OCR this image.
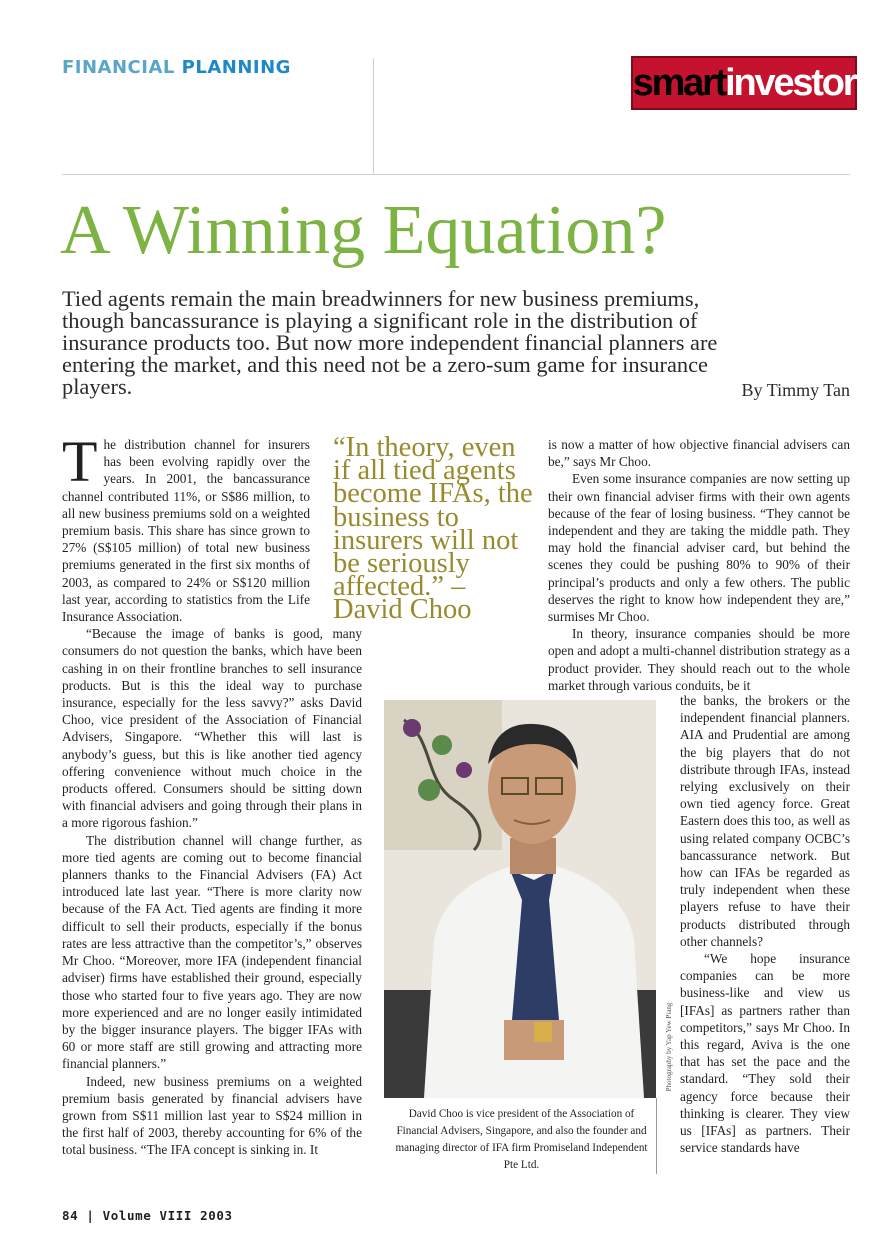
FINANCIAL PLANNING	smartinvestor
A Winning Equation?
Tied agents remain the main breadwinners for new business premiums, though bancassurance is playing a significant role in the distribution of insurance products too. But now more independent financial planners are entering the market, and this need not be a zero-sum game for insurance players.	By Timmy Tan

The distribution channel for insurers has been evolving rapidly over the years. In 2001, the bancassurance channel contributed 11%, or S$86 million, to all new business premiums sold on a weighted premium basis. This share has since grown to 27% (S$105 million) of total new business premiums generated in the first six months of 2003, as compared to 24% or S$120 million last year, according to statistics from the Life Insurance Association.

“Because the image of banks is good, many consumers do not question the banks, which have been cashing in on their frontline branches to sell insurance products. But is this the ideal way to purchase insurance, especially for the less savvy?” asks David Choo, vice president of the Association of Financial Advisers, Singapore. “Whether this will last is anybody’s guess, but this is like another tied agency offering convenience without much choice in the products offered. Consumers should be sitting down with financial advisers and going through their plans in a more rigorous fashion.”

The distribution channel will change further, as more tied agents are coming out to become financial planners thanks to the Financial Advisers (FA) Act introduced late last year. “There is more clarity now because of the FA Act. Tied agents are finding it more difficult to sell their products, especially if the bonus rates are less attractive than the competitor’s,” observes Mr Choo. “Moreover, more IFA (independent financial adviser) firms have established their ground, especially those who started four to five years ago. They are now more experienced and are no longer easily intimidated by the bigger insurance players. The bigger IFAs with 60 or more staff are still growing and attracting more financial planners.”

Indeed, new business premiums on a weighted premium basis generated by financial advisers have grown from S$11 million last year to S$24 million in the first half of 2003, thereby accounting for 6% of the total business. “The IFA concept is sinking in. It

“In theory, even if all tied agents become IFAs, the business to insurers will not be seriously affected.” – David Choo

is now a matter of how objective financial advisers can be,” says Mr Choo.

Even some insurance companies are now setting up their own financial adviser firms with their own agents because of the fear of losing business. “They cannot be independent and they are taking the middle path. They may hold the financial adviser card, but behind the scenes they could be pushing 80% to 90% of their principal’s products and only a few others. The public deserves the right to know how independent they are,” surmises Mr Choo.

In theory, insurance companies should be more open and adopt a multi-channel distribution strategy as a product provider. They should reach out to the whole market through various conduits, be it

the banks, the brokers or the independent financial planners. AIA and Prudential are among the big players that do not distribute through IFAs, instead relying exclusively on their own tied agency force. Great Eastern does this too, as well as using related company OCBC’s bancassurance network. But how can IFAs be regarded as truly independent when these players refuse to have their products distributed through other channels?

“We hope insurance companies can be more business-like and view us [IFAs] as partners rather than competitors,” says Mr Choo. In this regard, Aviva is the one that has set the pace and the standard. “They sold their agency force because their thinking is clearer. They view us [IFAs] as partners. Their service standards have

Photography by Yap Yew Piang
David Choo is vice president of the Association of Financial Advisers, Singapore, and also the founder and managing director of IFA firm Promiseland Independent Pte Ltd.
84 | Volume VIII 2003
